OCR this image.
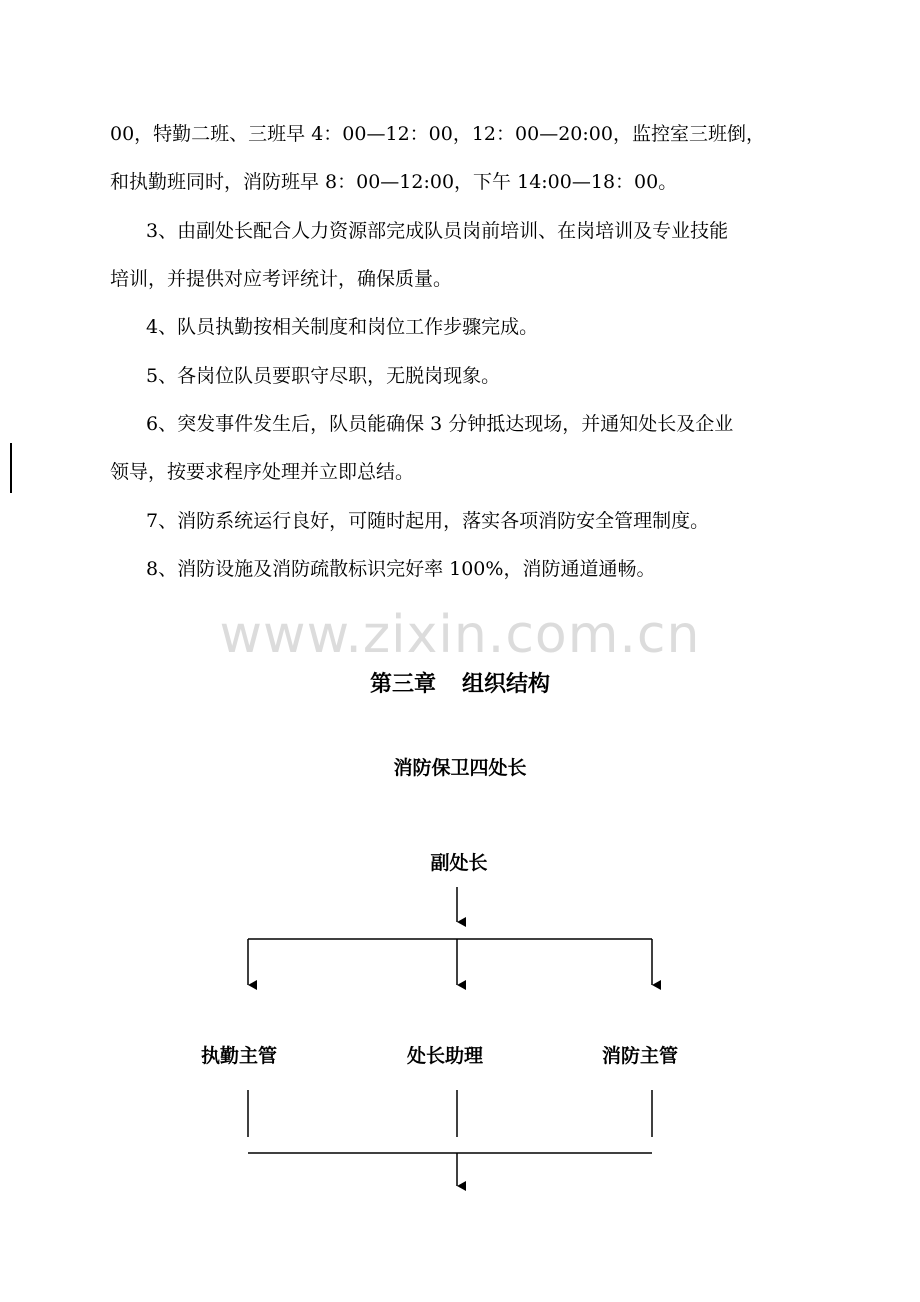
00，特勤二班、三班早 4：00—12：00，12：00—20:00，监控室三班倒，

和执勤班同时，消防班早 8：00—12:00，下午 14:00—18：00。

3、由副处长配合人力资源部完成队员岗前培训、在岗培训及专业技能

培训，并提供对应考评统计，确保质量。

4、队员执勤按相关制度和岗位工作步骤完成。

5、各岗位队员要职守尽职，无脱岗现象。

6、突发事件发生后，队员能确保 3 分钟抵达现场，并通知处长及企业

领导，按要求程序处理并立即总结。

7、消防系统运行良好，可随时起用，落实各项消防安全管理制度。

8、消防设施及消防疏散标识完好率 100%，消防通道通畅。

www.zixin.com.cn
第三章 组织结构
消防保卫四处长
副处长
执勤主管	处长助理	消防主管
